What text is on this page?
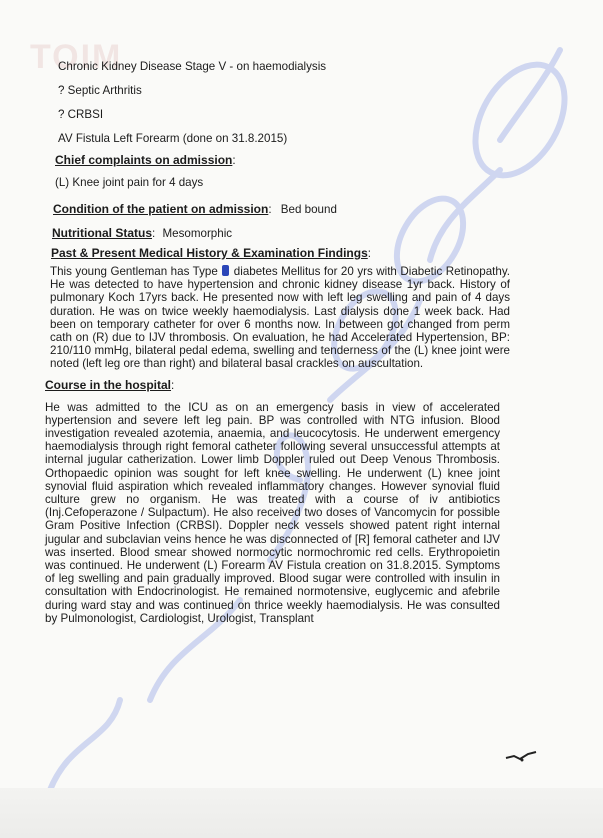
TOIM

Chronic Kidney Disease Stage V - on haemodialysis

? Septic Arthritis

? CRBSI

AV Fistula Left Forearm (done on 31.8.2015)

Chief complaints on admission:

(L) Knee joint pain for 4 days

Condition of the patient on admission: Bed bound
Nutritional Status: Mesomorphic
Past & Present Medical History & Examination Findings:

This young Gentleman has Type diabetes Mellitus for 20 yrs with Diabetic Retinopathy. He was detected to have hypertension and chronic kidney disease 1yr back. History of pulmonary Koch 17yrs back. He presented now with left leg swelling and pain of 4 days duration. He was on twice weekly haemodialysis. Last dialysis done 1 week back. Had been on temporary catheter for over 6 months now. In between got changed from perm cath on (R) due to IJV thrombosis. On evaluation, he had Accelerated Hypertension, BP: 210/110 mmHg, bilateral pedal edema, swelling and tenderness of the (L) knee joint were noted (left leg ore than right) and bilateral basal crackles on auscultation.

Course in the hospital:

He was admitted to the ICU as on an emergency basis in view of accelerated hypertension and severe left leg pain. BP was controlled with NTG infusion. Blood investigation revealed azotemia, anaemia, and leucocytosis. He underwent emergency haemodialysis through right femoral catheter following several unsuccessful attempts at internal jugular catherization. Lower limb Doppler ruled out Deep Venous Thrombosis. Orthopaedic opinion was sought for left knee swelling. He underwent (L) knee joint synovial fluid aspiration which revealed inflammatory changes. However synovial fluid culture grew no organism. He was treated with a course of iv antibiotics (Inj.Cefoperazone / Sulpactum). He also received two doses of Vancomycin for possible Gram Positive Infection (CRBSI). Doppler neck vessels showed patent right internal jugular and subclavian veins hence he was disconnected of [R] femoral catheter and IJV was inserted. Blood smear showed normocytic normochromic red cells. Erythropoietin was continued. He underwent (L) Forearm AV Fistula creation on 31.8.2015. Symptoms of leg swelling and pain gradually improved. Blood sugar were controlled with insulin in consultation with Endocrinologist. He remained normotensive, euglycemic and afebrile during ward stay and was continued on thrice weekly haemodialysis. He was consulted by Pulmonologist, Cardiologist, Urologist, Transplant
